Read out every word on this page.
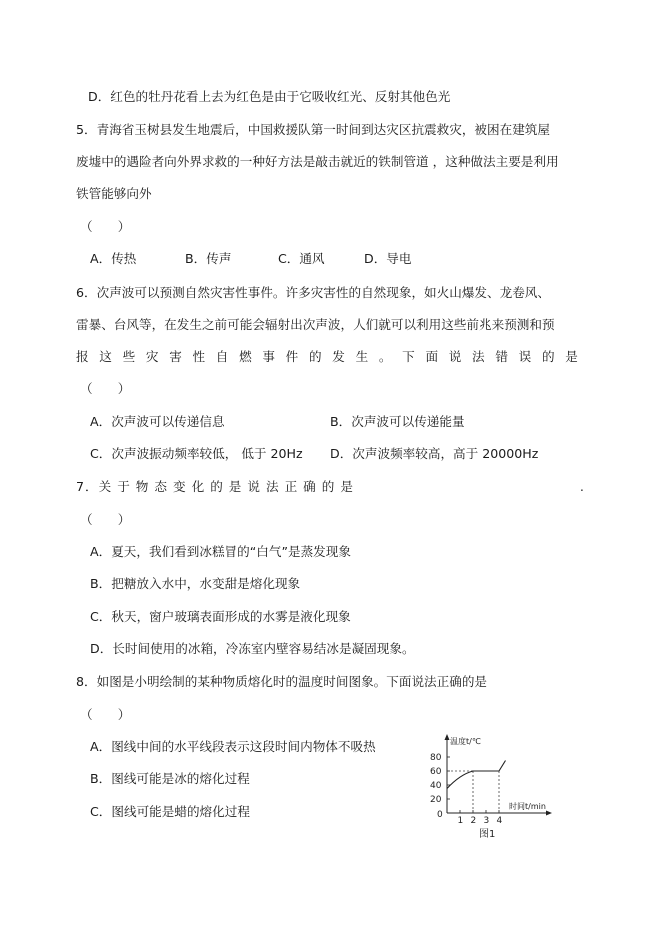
D．红色的牡丹花看上去为红色是由于它吸收红光、反射其他色光
5．青海省玉树县发生地震后，中国救援队第一时间到达灾区抗震救灾，被困在建筑屋
废墟中的遇险者向外界求救的一种好方法是敲击就近的铁制管道 ，这种做法主要是利用
铁管能够向外
（　　）
A．传热	B．传声	C．通风	D．导电
6．次声波可以预测自然灾害性事件。许多灾害性的自然现象，如火山爆发、龙卷风、
雷暴、台风等，在发生之前可能会辐射出次声波，人们就可以利用这些前兆来预测和预
报 这 些 灾 害 性 自 燃 事 件 的 发 生 。 下 面 说 法 错 误 的 是
（　　）
A．次声波可以传递信息	B．次声波可以传递能量
C．次声波振动频率较低， 低于 20Hz D．次声波频率较高，高于 20000Hz
7．关 于 物 态 变 化 的 是 说 法 正 确 的 是	.
（　　）
A．夏天，我们看到冰糕冒的“白气”是蒸发现象
B．把糖放入水中，水变甜是熔化现象
C．秋天，窗户玻璃表面形成的水雾是液化现象
D．长时间使用的冰箱，冷冻室内壁容易结冰是凝固现象。
8．如图是小明绘制的某种物质熔化时的温度时间图象。下面说法正确的是
（　　）
A．图线中间的水平线段表示这段时间内物体不吸热
B．图线可能是冰的熔化过程
C．图线可能是蜡的熔化过程
温度t/℃
时间t/min
0
80
60
40
20
1 2 3 4
图1
